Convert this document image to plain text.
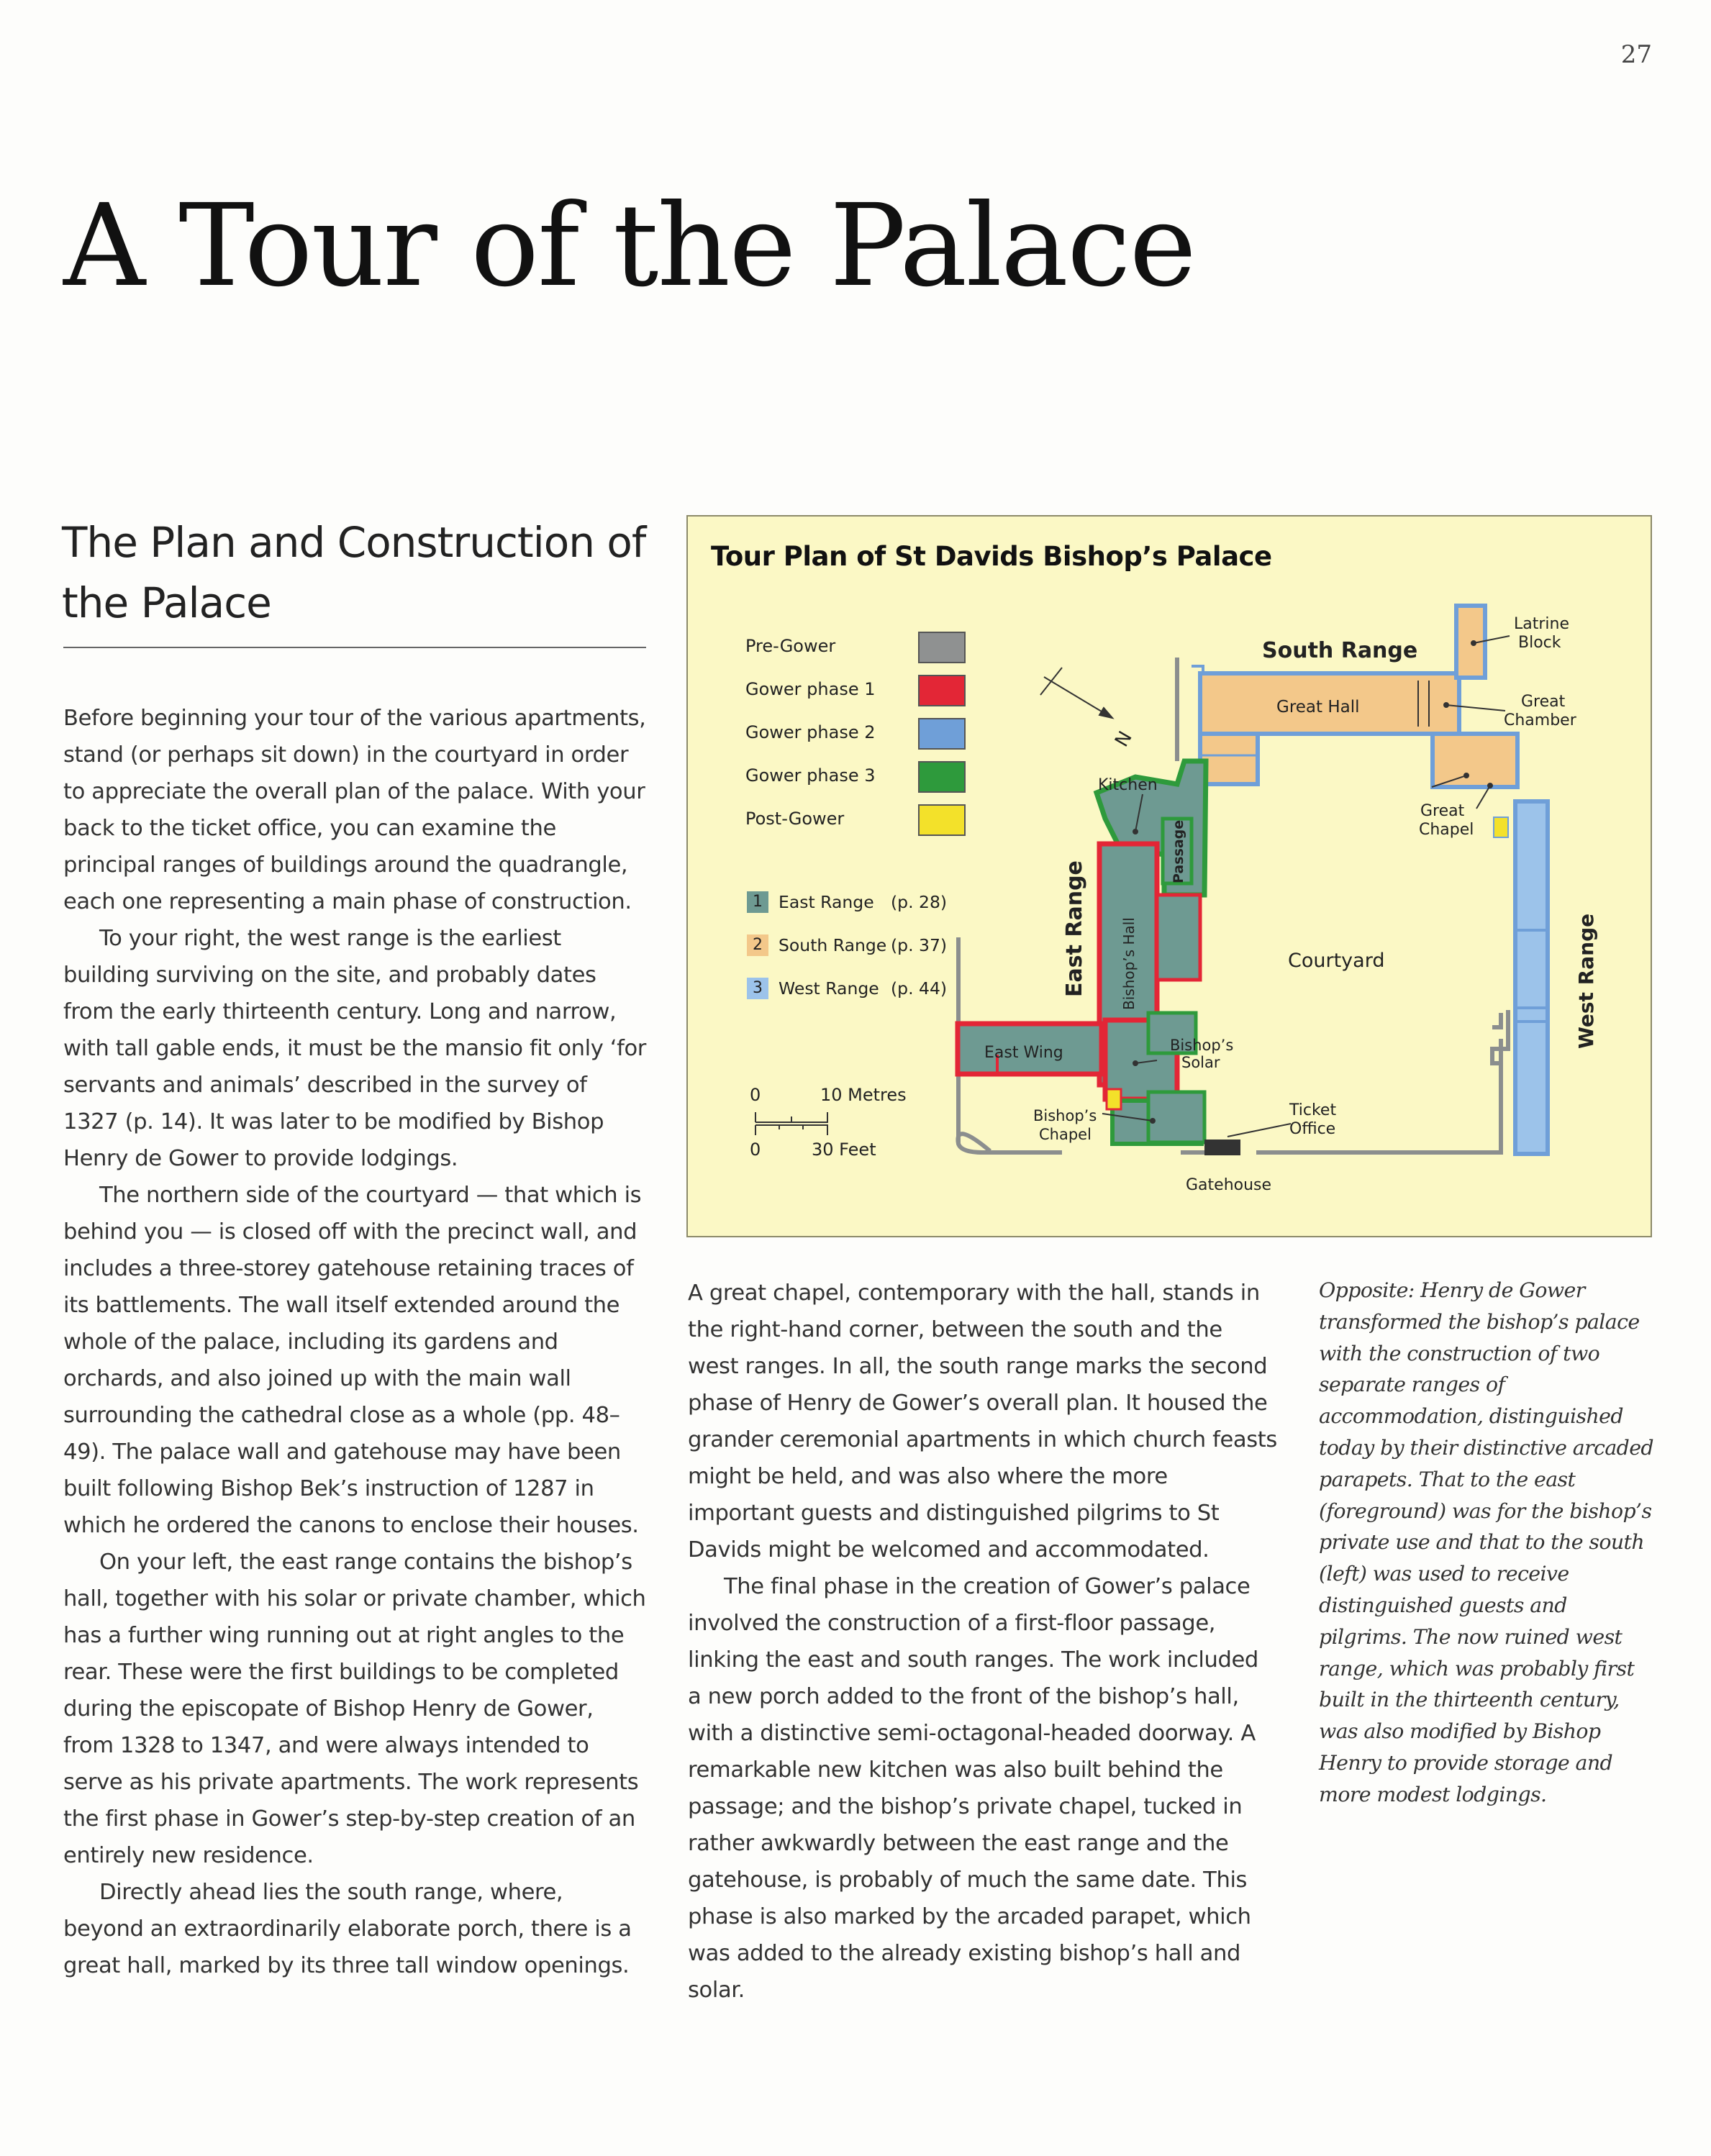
27
A Tour of the Palace
The Plan and Construction of the Palace

Before beginning your tour of the various apartments, stand (or perhaps sit down) in the courtyard in order to appreciate the overall plan of the palace. With your back to the ticket office, you can examine the principal ranges of buildings around the quadrangle, each one representing a main phase of construction.

To your right, the west range is the earliest building surviving on the site, and probably dates from the early thirteenth century. Long and narrow, with tall gable ends, it must be the mansio fit only ‘for servants and animals’ described in the survey of 1327 (p. 14). It was later to be modified by Bishop Henry de Gower to provide lodgings.

The northern side of the courtyard — that which is behind you — is closed off with the precinct wall, and includes a three-storey gatehouse retaining traces of its battlements. The wall itself extended around the whole of the palace, including its gardens and orchards, and also joined up with the main wall surrounding the cathedral close as a whole (pp. 48–49). The palace wall and gatehouse may have been built following Bishop Bek’s instruction of 1287 in which he ordered the canons to enclose their houses.

On your left, the east range contains the bishop’s hall, together with his solar or private chamber, which has a further wing running out at right angles to the rear. These were the first buildings to be completed during the episcopate of Bishop Henry de Gower, from 1328 to 1347, and were always intended to serve as his private apartments. The work represents the first phase in Gower’s step-by-step creation of an entirely new residence.

Directly ahead lies the south range, where, beyond an extraordinarily elaborate porch, there is a great hall, marked by its three tall window openings.

A great chapel, contemporary with the hall, stands in the right-hand corner, between the south and the west ranges. In all, the south range marks the second phase of Henry de Gower’s overall plan. It housed the grander ceremonial apartments in which church feasts might be held, and was also where the more important guests and distinguished pilgrims to St Davids might be welcomed and accommodated.

The final phase in the creation of Gower’s palace involved the construction of a first-floor passage, linking the east and south ranges. The work included a new porch added to the front of the bishop’s hall, with a distinctive semi-octagonal-headed doorway. A remarkable new kitchen was also built behind the passage; and the bishop’s private chapel, tucked in rather awkwardly between the east range and the gatehouse, is probably of much the same date. This phase is also marked by the arcaded parapet, which was added to the already existing bishop’s hall and solar.

Opposite: Henry de Gower transformed the bishop’s palace with the construction of two separate ranges of accommodation, distinguished today by their distinctive arcaded parapets. That to the east (foreground) was for the bishop’s private use and that to the south (left) was used to receive distinguished guests and pilgrims. The now ruined west range, which was probably first built in the thirteenth century, was also modified by Bishop Henry to provide storage and more modest lodgings.
Tour Plan of St Davids Bishop’s Palace
Pre-Gower
Gower phase 1
Gower phase 2
Gower phase 3
Post-Gower
1 East Range (p. 28)
2 South Range (p. 37)
3 West Range (p. 44)
0	10 Metres
0	30 Feet
N
South Range
Great Hall
Latrine
Block
Great
Chamber
Great
Chapel
Kitchen
Passage
East Range Bishop’s Hall	Courtyard	West Range
East Wing	Bishop’s
Solar
Bishop’s
Chapel
Ticket
Office
Gatehouse
